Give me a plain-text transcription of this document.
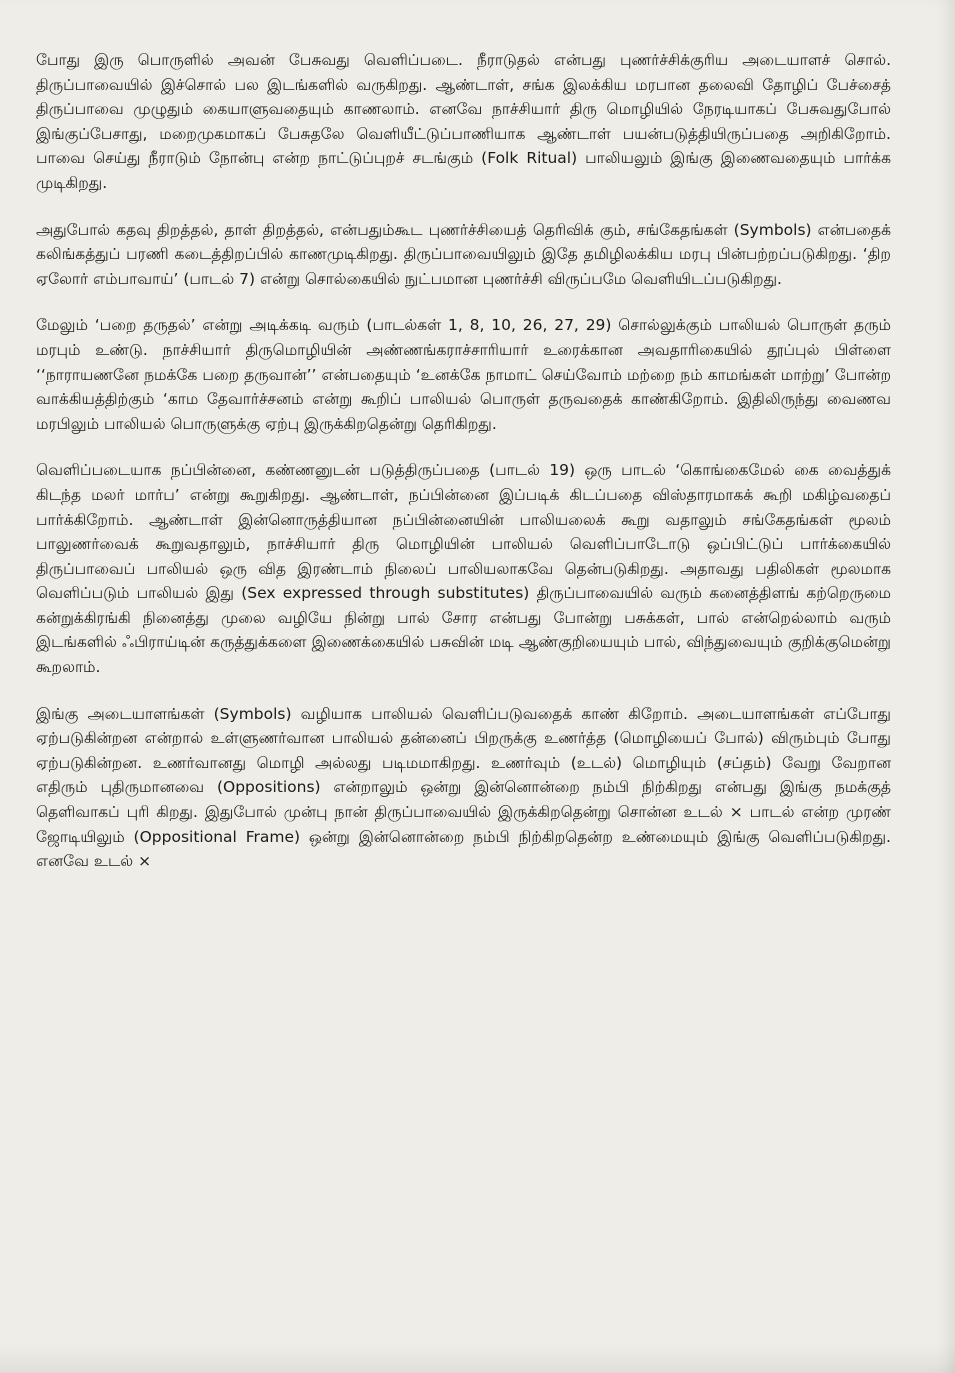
போது இரு பொருளில் அவன் பேசுவது வெளிப்படை. நீராடுதல் என்பது புணர்ச்சிக்குரிய அடையாளச் சொல். திருப்பாவையில் இச்சொல் பல இடங்களில் வருகிறது. ஆண்டாள், சங்க இலக்கிய மரபான தலைவி தோழிப் பேச்சைத் திருப்பாவை முழுதும் கையாளுவதையும் காணலாம். எனவே நாச்சியார் திரு மொழியில் நேரடியாகப் பேசுவதுபோல் இங்குப்பேசாது, மறைமுகமாகப் பேசுதலே வெளியீட்டுப்பாணியாக ஆண்டாள் பயன்படுத்தியிருப்பதை அறிகிறோம். பாவை செய்து நீராடும் நோன்பு என்ற நாட்டுப்புறச் சடங்கும் (Folk Ritual) பாலியலும் இங்கு இணைவதையும் பார்க்க முடிகிறது.

அதுபோல் கதவு திறத்தல், தாள் திறத்தல், என்பதும்கூட புணர்ச்சியைத் தெரிவிக் கும், சங்கேதங்கள் (Symbols) என்பதைக் கலிங்கத்துப் பரணி கடைத்திறப்பில் காணமுடிகிறது. திருப்பாவையிலும் இதே தமிழிலக்கிய மரபு பின்பற்றப்படுகிறது. ‘திற ஏலோர் எம்பாவாய்’ (பாடல் 7) என்று சொல்கையில் நுட்பமான புணர்ச்சி விருப்பமே வெளியிடப்படுகிறது.

மேலும் ‘பறை தருதல்’ என்று அடிக்கடி வரும் (பாடல்கள் 1, 8, 10, 26, 27, 29) சொல்லுக்கும் பாலியல் பொருள் தரும் மரபும் உண்டு. நாச்சியார் திருமொழியின் அண்ணங்கராச்சாரியார் உரைக்கான அவதாரிகையில் தூப்புல் பிள்ளை ‘‘நாராயணனே நமக்கே பறை தருவான்’’ என்பதையும் ‘உனக்கே நாமாட் செய்வோம் மற்றை நம் காமங்கள் மாற்று’ போன்ற வாக்கியத்திற்கும் ‘காம தேவார்ச்சனம் என்று கூறிப் பாலியல் பொருள் தருவதைக் காண்கிறோம். இதிலிருந்து வைணவ மரபிலும் பாலியல் பொருளுக்கு ஏற்பு இருக்கிறதென்று தெரிகிறது.

வெளிப்படையாக நப்பின்னை, கண்ணனுடன் படுத்திருப்பதை (பாடல் 19) ஒரு பாடல் ‘கொங்கைமேல் கை வைத்துக் கிடந்த மலர் மார்ப’ என்று கூறுகிறது. ஆண்டாள், நப்பின்னை இப்படிக் கிடப்பதை விஸ்தாரமாகக் கூறி மகிழ்வதைப் பார்க்கிறோம். ஆண்டாள் இன்னொருத்தியான நப்பின்னையின் பாலியலைக் கூறு வதாலும் சங்கேதங்கள் மூலம் பாலுணர்வைக் கூறுவதாலும், நாச்சியார் திரு மொழியின் பாலியல் வெளிப்பாடோடு ஒப்பிட்டுப் பார்க்கையில் திருப்பாவைப் பாலியல் ஒரு வித இரண்டாம் நிலைப் பாலியலாகவே தென்படுகிறது. அதாவது பதிலிகள் மூலமாக வெளிப்படும் பாலியல் இது (Sex expressed through substitutes) திருப்பாவையில் வரும் கனைத்திளங் கற்றெருமை கன்றுக்கிரங்கி நினைத்து முலை வழியே நின்று பால் சோர என்பது போன்று பசுக்கள், பால் என்றெல்லாம் வரும் இடங்களில் ஃபிராய்டின் கருத்துக்களை இணைக்கையில் பசுவின் மடி ஆண்குறியையும் பால், விந்துவையும் குறிக்குமென்று கூறலாம்.

இங்கு அடையாளங்கள் (Symbols) வழியாக பாலியல் வெளிப்படுவதைக் காண் கிறோம். அடையாளங்கள் எப்போது ஏற்படுகின்றன என்றால் உள்ளுணர்வான பாலியல் தன்னைப் பிறருக்கு உணர்த்த (மொழியைப் போல்) விரும்பும் போது ஏற்படுகின்றன. உணர்வானது மொழி அல்லது படிமமாகிறது. உணர்வும் (உடல்) மொழியும் (சப்தம்) வேறு வேறான எதிரும் புதிருமானவை (Oppositions) என்றாலும் ஒன்று இன்னொன்றை நம்பி நிற்கிறது என்பது இங்கு நமக்குத் தெளிவாகப் புரி கிறது. இதுபோல் முன்பு நான் திருப்பாவையில் இருக்கிறதென்று சொன்ன உடல் × பாடல் என்ற முரண் ஜோடியிலும் (Oppositional Frame) ஒன்று இன்னொன்றை நம்பி நிற்கிறதென்ற உண்மையும் இங்கு வெளிப்படுகிறது. எனவே உடல் ×
